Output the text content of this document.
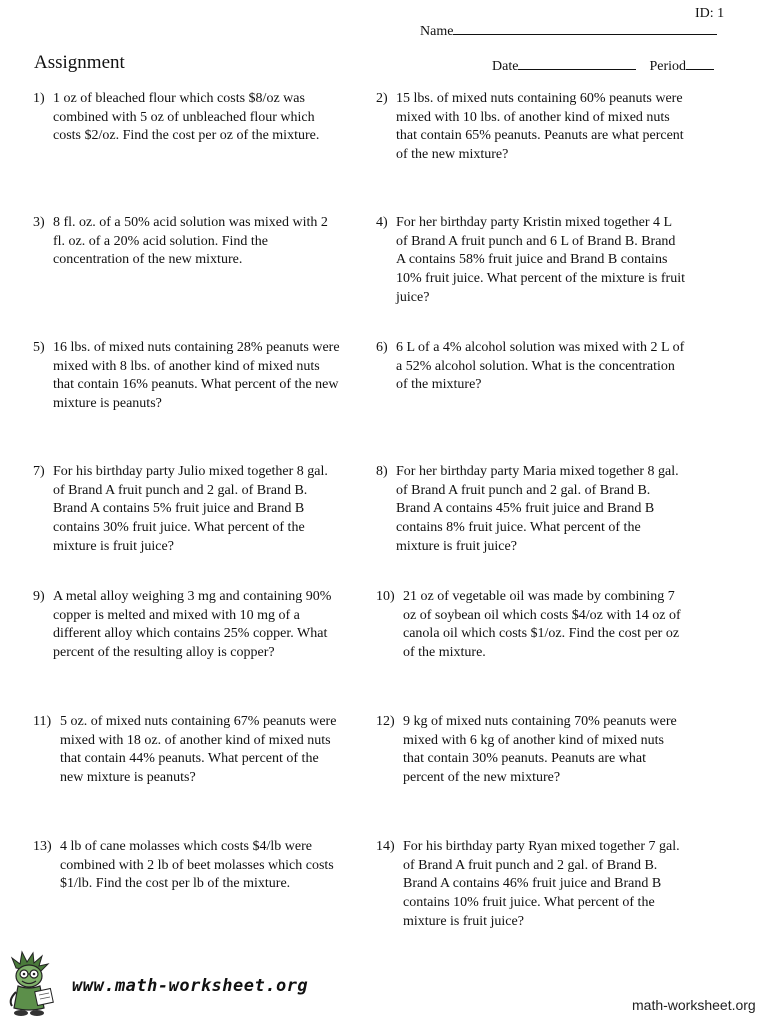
ID: 1
Name
Assignment	Date	Period
1) 1 oz of bleached flour which costs $8/oz was combined with 5 oz of unbleached flour which costs $2/oz. Find the cost per oz of the mixture.
2) 15 lbs. of mixed nuts containing 60% peanuts were mixed with 10 lbs. of another kind of mixed nuts that contain 65% peanuts. Peanuts are what percent of the new mixture?
3) 8 fl. oz. of a 50% acid solution was mixed with 2 fl. oz. of a 20% acid solution. Find the concentration of the new mixture.
4) For her birthday party Kristin mixed together 4 L of Brand A fruit punch and 6 L of Brand B. Brand A contains 58% fruit juice and Brand B contains 10% fruit juice. What percent of the mixture is fruit juice?
5) 16 lbs. of mixed nuts containing 28% peanuts were mixed with 8 lbs. of another kind of mixed nuts that contain 16% peanuts. What percent of the new mixture is peanuts?
6) 6 L of a 4% alcohol solution was mixed with 2 L of a 52% alcohol solution. What is the concentration of the mixture?
7) For his birthday party Julio mixed together 8 gal. of Brand A fruit punch and 2 gal. of Brand B. Brand A contains 5% fruit juice and Brand B contains 30% fruit juice. What percent of the mixture is fruit juice?
8) For her birthday party Maria mixed together 8 gal. of Brand A fruit punch and 2 gal. of Brand B. Brand A contains 45% fruit juice and Brand B contains 8% fruit juice. What percent of the mixture is fruit juice?
9) A metal alloy weighing 3 mg and containing 90% copper is melted and mixed with 10 mg of a different alloy which contains 25% copper. What percent of the resulting alloy is copper?
10) 21 oz of vegetable oil was made by combining 7 oz of soybean oil which costs $4/oz with 14 oz of canola oil which costs $1/oz. Find the cost per oz of the mixture.
11) 5 oz. of mixed nuts containing 67% peanuts were mixed with 18 oz. of another kind of mixed nuts that contain 44% peanuts. What percent of the new mixture is peanuts?
12) 9 kg of mixed nuts containing 70% peanuts were mixed with 6 kg of another kind of mixed nuts that contain 30% peanuts. Peanuts are what percent of the new mixture?
13) 4 lb of cane molasses which costs $4/lb were combined with 2 lb of beet molasses which costs $1/lb. Find the cost per lb of the mixture.
14) For his birthday party Ryan mixed together 7 gal. of Brand A fruit punch and 2 gal. of Brand B. Brand A contains 46% fruit juice and Brand B contains 10% fruit juice. What percent of the mixture is fruit juice?
www.math-worksheet.org
math-worksheet.org
